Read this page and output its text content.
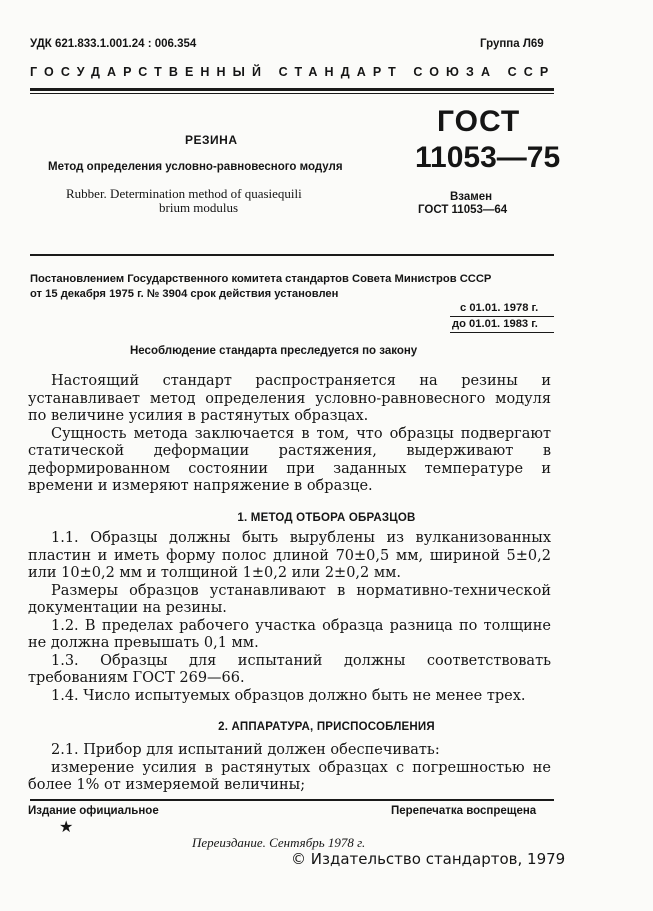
УДК 621.833.1.001.24 : 006.354	Группа Л69
ГОСУДАРСТВЕННЫЙ СТАНДАРТ СОЮЗА ССР
РЕЗИНА
Метод определения условно-равновесного модуля
Rubber. Determination method of quasiequili
brium modulus
ГОСТ
11053—75
Взамен
ГОСТ 11053—64
Постановлением Государственного комитета стандартов Совета Министров СССР
от 15 декабря 1975 г. № 3904 срок действия установлен
с 01.01. 1978 г.
до 01.01. 1983 г.
Несоблюдение стандарта преследуется по закону

Настоящий стандарт распространяется на резины и устанавливает метод определения условно-равновесного модуля по величине усилия в растянутых образцах.

Сущность метода заключается в том, что образцы подвергают статической деформации растяжения, выдерживают в деформированном состоянии при заданных температуре и времени и измеряют напряжение в образце.

1. МЕТОД ОТБОРА ОБРАЗЦОВ

1.1. Образцы должны быть вырублены из вулканизованных пластин и иметь форму полос длиной 70±0,5 мм, шириной 5±0,2 или 10±0,2 мм и толщиной 1±0,2 или 2±0,2 мм.

Размеры образцов устанавливают в нормативно-технической документации на резины.

1.2. В пределах рабочего участка образца разница по толщине не должна превышать 0,1 мм.

1.3. Образцы для испытаний должны соответствовать требованиям ГОСТ 269—66.

1.4. Число испытуемых образцов должно быть не менее трех.

2. АППАРАТУРА, ПРИСПОСОБЛЕНИЯ

2.1. Прибор для испытаний должен обеспечивать:

измерение усилия в растянутых образцах с погрешностью не более 1% от измеряемой величины;

Издание официальное	Перепечатка воспрещена
★
Переиздание. Сентябрь 1978 г.
© Издательство стандартов, 1979
